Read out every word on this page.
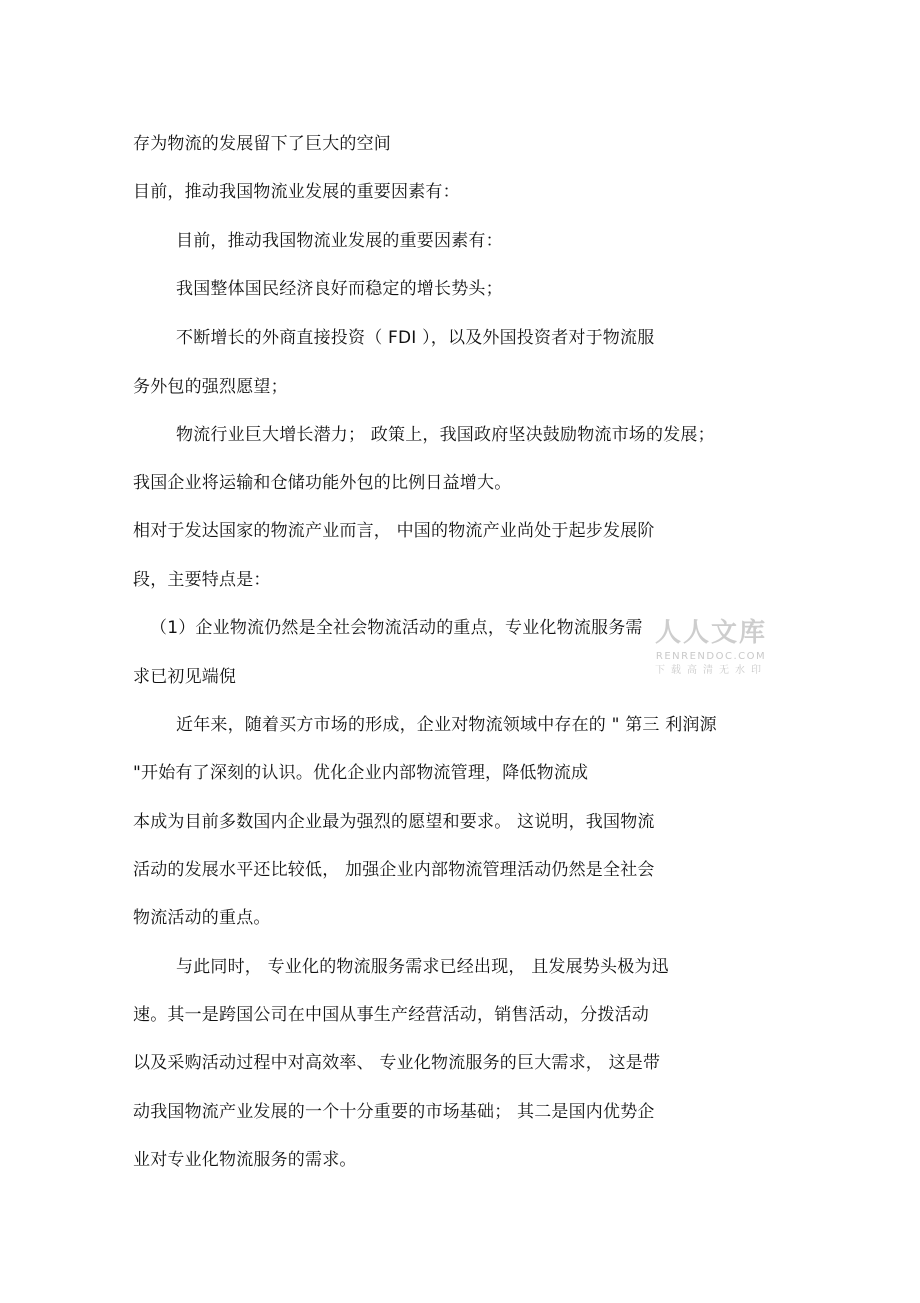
存为物流的发展留下了巨大的空间
目前，推动我国物流业发展的重要因素有：
目前，推动我国物流业发展的重要因素有：
我国整体国民经济良好而稳定的增长势头；
不断增长的外商直接投资（ FDI ），以及外国投资者对于物流服
务外包的强烈愿望；
物流行业巨大增长潜力； 政策上，我国政府坚决鼓励物流市场的发展；
我国企业将运输和仓储功能外包的比例日益增大。
相对于发达国家的物流产业而言， 中国的物流产业尚处于起步发展阶
段，主要特点是：
（1）企业物流仍然是全社会物流活动的重点，专业化物流服务需
求已初见端倪
近年来，随着买方市场的形成，企业对物流领域中存在的 " 第三 利润源
"开始有了深刻的认识。优化企业内部物流管理，降低物流成
本成为目前多数国内企业最为强烈的愿望和要求。 这说明，我国物流
活动的发展水平还比较低， 加强企业内部物流管理活动仍然是全社会
物流活动的重点。
与此同时， 专业化的物流服务需求已经出现， 且发展势头极为迅
速。其一是跨国公司在中国从事生产经营活动，销售活动，分拨活动
以及采购活动过程中对高效率、 专业化物流服务的巨大需求， 这是带
动我国物流产业发展的一个十分重要的市场基础； 其二是国内优势企
业对专业化物流服务的需求。
人人文库
RENRENDOC.COM
下载高清无水印
